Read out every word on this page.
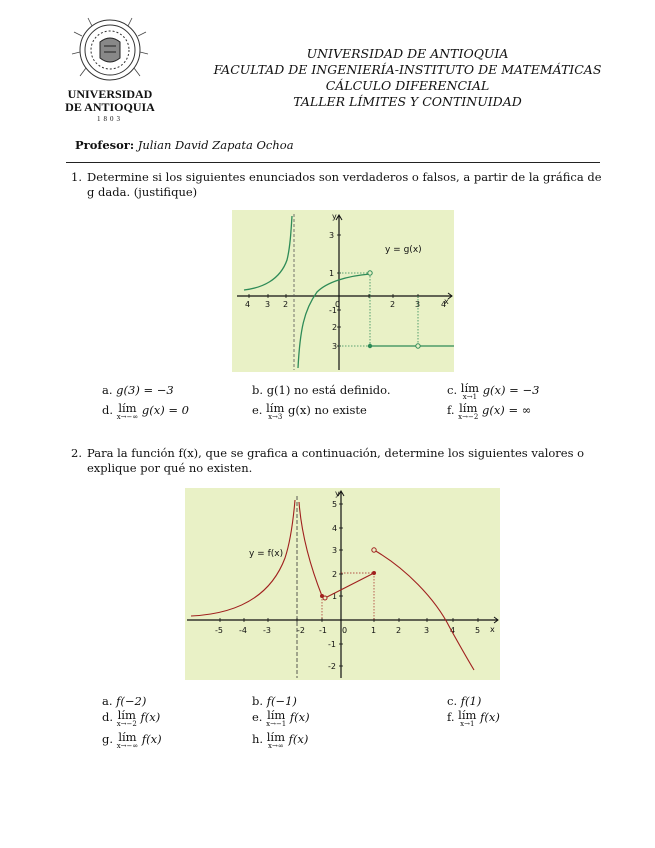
UNIVERSIDAD
DE ANTIOQUIA
1803
UNIVERSIDAD DE ANTIOQUIA
FACULTAD DE INGENIERÍA-INSTITUTO DE MATEMÁTICAS
CÁLCULO DIFERENCIAL
TALLER LÍMITES Y CONTINUIDAD
Profesor: Julian David Zapata Ochoa
1. Determine si los siguientes enunciados son verdaderos o falsos, a partir de la gráfica de g dada. (justifique)
4 3 2	0	2 3	4
3
1
-1
2
3
x
y
y = g(x)
a. g(3) = −3	b. g(1) no está definido.	c. lím
x→1 g(x) = −3
d. lím
x→−∞ g(x) = 0	e. lím
x→3 g(x) no existe	f. lím
x→−2 g(x) = ∞
2. Para la función f(x), que se grafica a continuación, determine los siguientes valores o explique por qué no existen.
-5 -4 -3	-2 -1 0	1 2	3	4 5
5
4
3
2
1
-1
-2
x
y
y = f(x)
a. f(−2)	b. f(−1)	c. f(1)
d. lím
x→−2 f(x)	e. lím
x→−1 f(x)	f. lím
x→1 f(x)
g. lím
x→−∞ f(x)	h. lím
x→∞ f(x)
